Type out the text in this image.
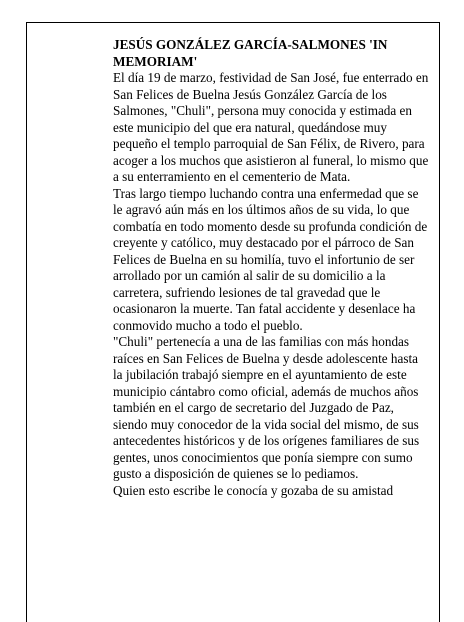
JESÚS GONZÁLEZ GARCÍA-SALMONES 'IN MEMORIAM'

El día 19 de marzo, festividad de San José, fue enterrado en San Felices de Buelna Jesús González García de los Salmones, "Chuli", persona muy conocida y estimada en este municipio del que era natural, quedándose muy pequeño el templo parroquial de San Félix, de Rivero, para acoger a los muchos que asistieron al funeral, lo mismo que a su enterramiento en el cementerio de Mata.

Tras largo tiempo luchando contra una enfermedad que se le agravó aún más en los últimos años de su vida, lo que combatía en todo momento desde su profunda condición de creyente y católico, muy destacado por el párroco de San Felices de Buelna en su homilía, tuvo el infortunio de ser arrollado por un camión al salir de su domicilio a la carretera, sufriendo lesiones de tal gravedad que le ocasionaron la muerte. Tan fatal accidente y desenlace ha conmovido mucho a todo el pueblo.

"Chuli" pertenecía a una de las familias con más hondas raíces en San Felices de Buelna y desde adolescente hasta la jubilación trabajó siempre en el ayuntamiento de este municipio cántabro como oficial, además de muchos años también en el cargo de secretario del Juzgado de Paz, siendo muy conocedor de la vida social del mismo, de sus antecedentes históricos y de los orígenes familiares de sus gentes, unos conocimientos que ponía siempre con sumo gusto a disposición de quienes se lo pediamos.

Quien esto escribe le conocía y gozaba de su amistad
